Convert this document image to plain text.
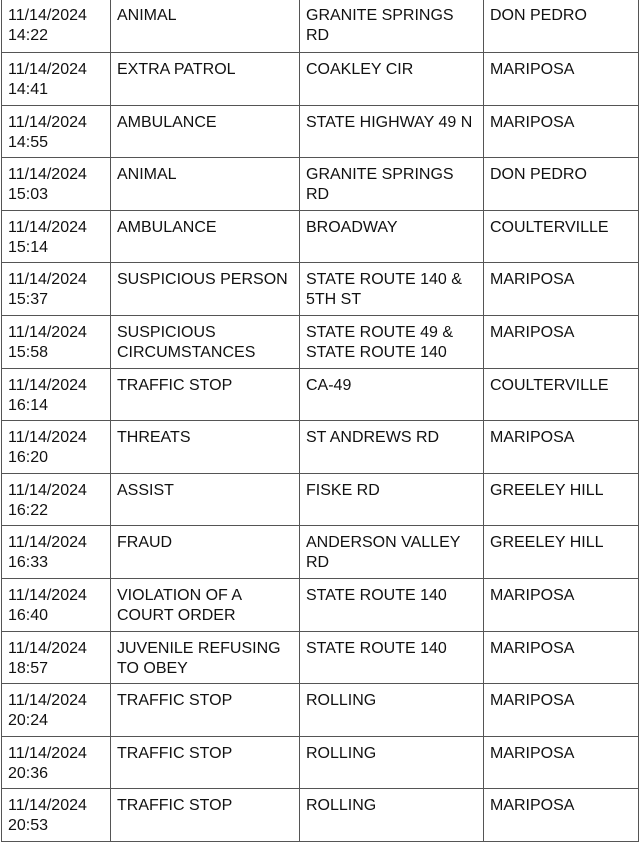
11/14/2024
14:22	ANIMAL	GRANITE SPRINGS
RD	DON PEDRO
11/14/2024
14:41	EXTRA PATROL	COAKLEY CIR	MARIPOSA
11/14/2024
14:55	AMBULANCE	STATE HIGHWAY 49 N	MARIPOSA
11/14/2024
15:03	ANIMAL	GRANITE SPRINGS
RD	DON PEDRO
11/14/2024
15:14	AMBULANCE	BROADWAY	COULTERVILLE
11/14/2024
15:37	SUSPICIOUS PERSON	STATE ROUTE 140 &
5TH ST	MARIPOSA
11/14/2024
15:58	SUSPICIOUS
CIRCUMSTANCES	STATE ROUTE 49 &
STATE ROUTE 140	MARIPOSA
11/14/2024
16:14	TRAFFIC STOP	CA-49	COULTERVILLE
11/14/2024
16:20	THREATS	ST ANDREWS RD	MARIPOSA
11/14/2024
16:22	ASSIST	FISKE RD	GREELEY HILL
11/14/2024
16:33	FRAUD	ANDERSON VALLEY
RD	GREELEY HILL
11/14/2024
16:40	VIOLATION OF A
COURT ORDER	STATE ROUTE 140	MARIPOSA
11/14/2024
18:57	JUVENILE REFUSING
TO OBEY	STATE ROUTE 140	MARIPOSA
11/14/2024
20:24	TRAFFIC STOP	ROLLING	MARIPOSA
11/14/2024
20:36	TRAFFIC STOP	ROLLING	MARIPOSA
11/14/2024
20:53	TRAFFIC STOP	ROLLING	MARIPOSA
